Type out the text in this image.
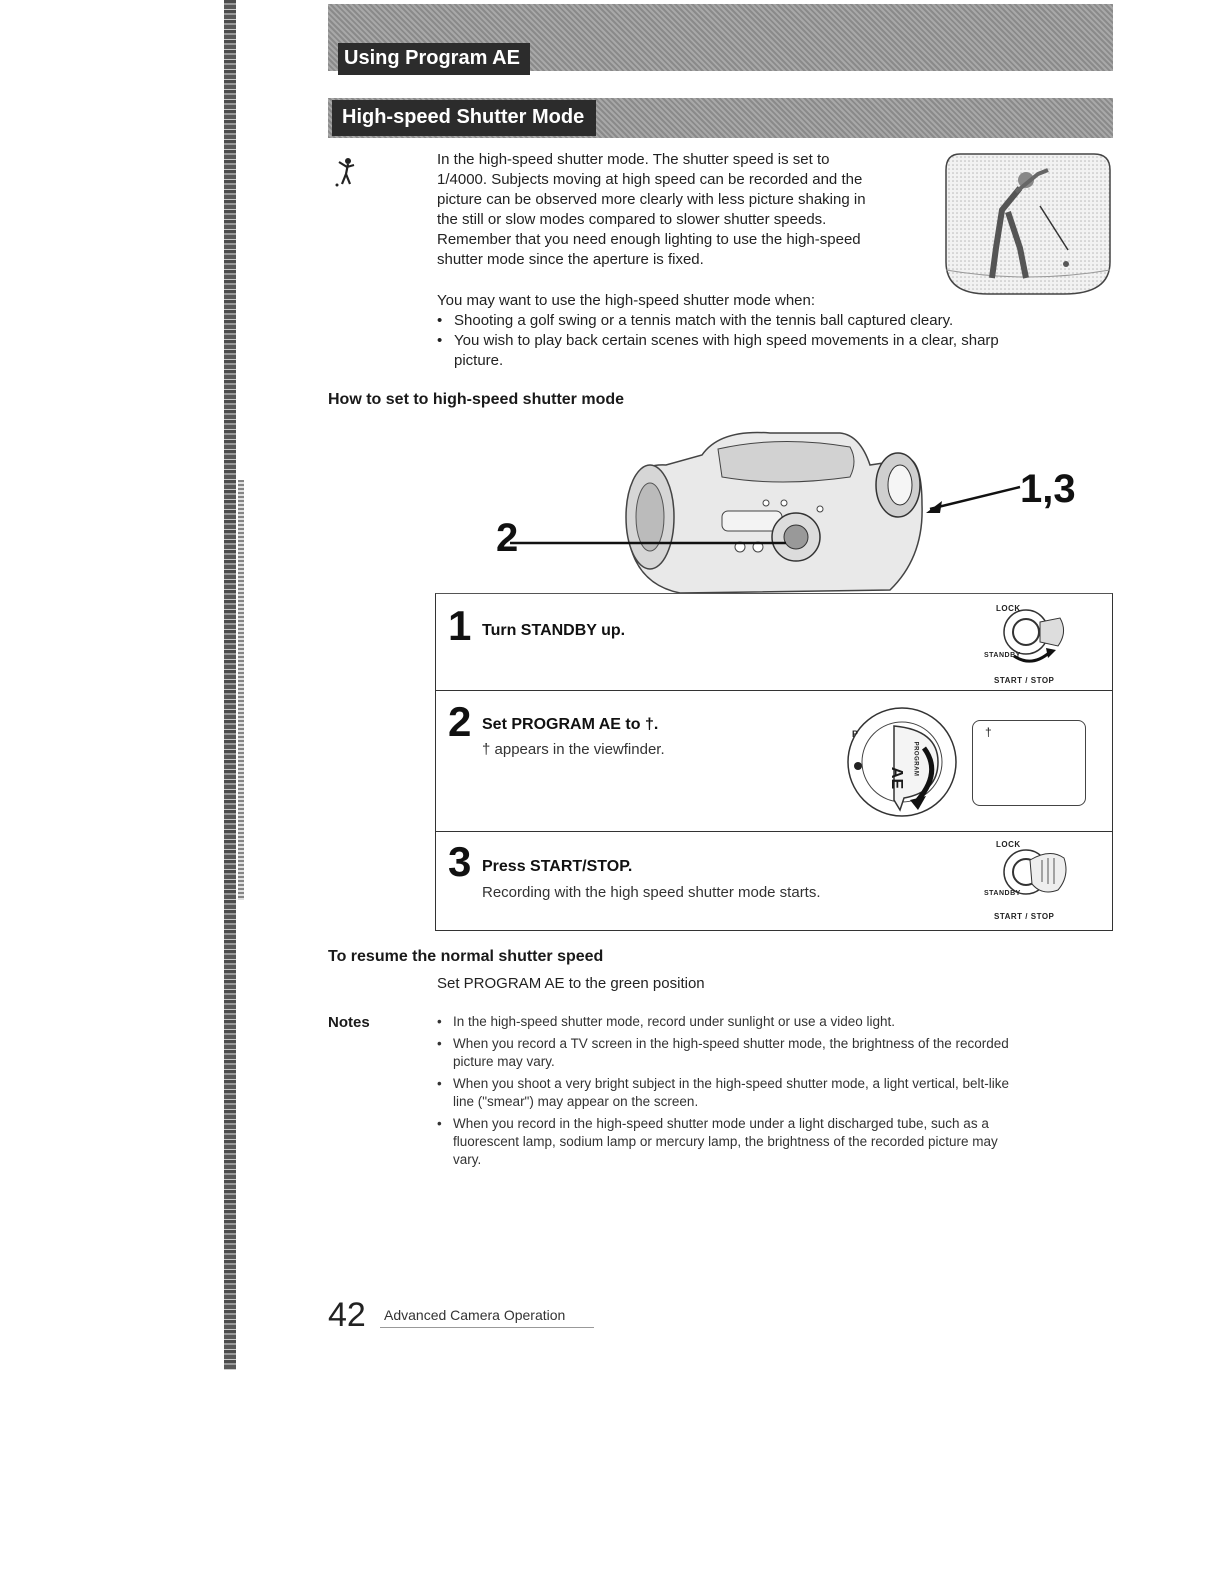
Using Program AE
High-speed Shutter Mode
In the high-speed shutter mode. The shutter speed is set to
1/4000. Subjects moving at high speed can be recorded and the
picture can be observed more clearly with less picture shaking in
the still or slow modes compared to slower shutter speeds.
Remember that you need enough lighting to use the high-speed
shutter mode since the aperture is fixed.
You may want to use the high-speed shutter mode when:
• Shooting a golf swing or a tennis match with the tennis ball captured cleary.
• You wish to play back certain scenes with high speed movements in a clear, sharp
picture.
How to set to high-speed shutter mode
2
1,3
1 Turn STANDBY up.
LOCK
STANDBY
START / STOP
2 Set PROGRAM AE to †.
† appears in the viewfinder.
AE
PROGRAM
P	†
3 Press START/STOP.
Recording with the high speed shutter mode starts.
LOCK
STANDBY
START / STOP
To resume the normal shutter speed
Set PROGRAM AE to the green position
Notes
•	In the high-speed shutter mode, record under sunlight or use a video light.
• When you record a TV screen in the high-speed shutter mode, the brightness of the recorded
picture may vary.
• When you shoot a very bright subject in the high-speed shutter mode, a light vertical, belt-like
line ("smear") may appear on the screen.
• When you record in the high-speed shutter mode under a light discharged tube, such as a
fluorescent lamp, sodium lamp or mercury lamp, the brightness of the recorded picture may
vary.
42 Advanced Camera Operation
